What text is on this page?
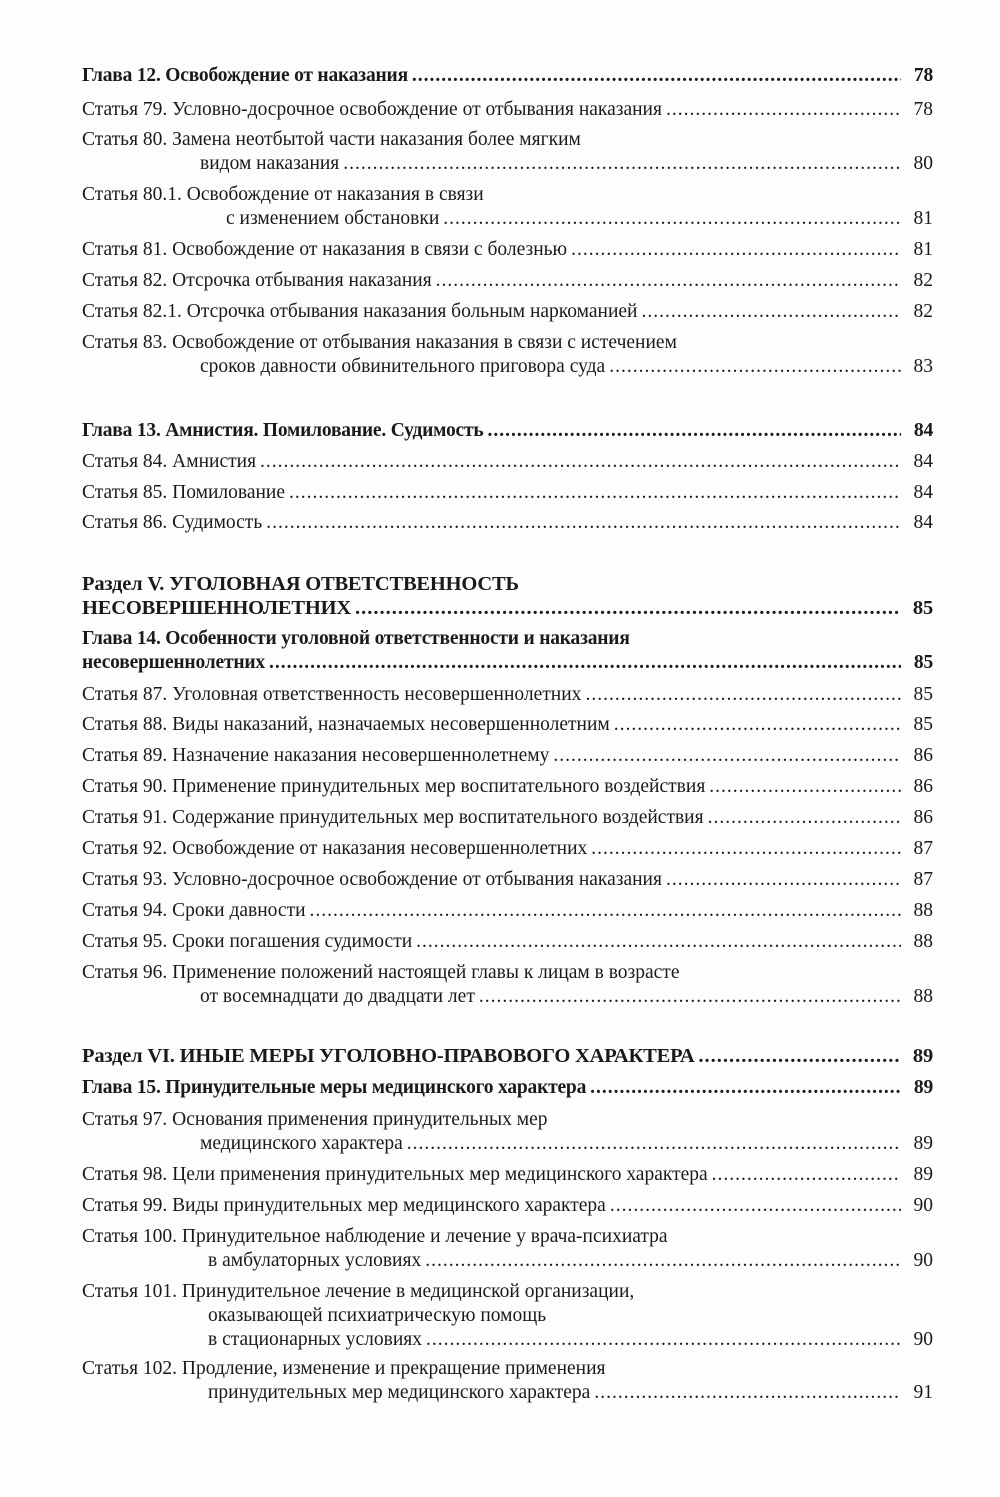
Глава 12. Освобождение от наказания .....	78
Статья 79. Условно-досрочное освобождение от отбывания наказания .....	78
Статья 80. Замена неотбытой части наказания более мягким
видом наказания .....	80
Статья 80.1. Освобождение от наказания в связи
с изменением обстановки .....	81
Статья 81. Освобождение от наказания в связи с болезнью .....	81
Статья 82. Отсрочка отбывания наказания .....	82
Статья 82.1. Отсрочка отбывания наказания больным наркоманией .....	82
Статья 83. Освобождение от отбывания наказания в связи с истечением
сроков давности обвинительного приговора суда .....	83
Глава 13. Амнистия. Помилование. Судимость .....	84
Статья 84. Амнистия .....	84
Статья 85. Помилование .....	84
Статья 86. Судимость .....	84
Раздел V. УГОЛОВНАЯ ОТВЕТСТВЕННОСТЬ
НЕСОВЕРШЕННОЛЕТНИХ .....	85
Глава 14. Особенности уголовной ответственности и наказания
несовершеннолетних .....	85
Статья 87. Уголовная ответственность несовершеннолетних .....	85
Статья 88. Виды наказаний, назначаемых несовершеннолетним .....	85
Статья 89. Назначение наказания несовершеннолетнему .....	86
Статья 90. Применение принудительных мер воспитательного воздействия .....	86
Статья 91. Содержание принудительных мер воспитательного воздействия .....	86
Статья 92. Освобождение от наказания несовершеннолетних .....	87
Статья 93. Условно-досрочное освобождение от отбывания наказания .....	87
Статья 94. Сроки давности .....	88
Статья 95. Сроки погашения судимости .....	88
Статья 96. Применение положений настоящей главы к лицам в возрасте
от восемнадцати до двадцати лет .....	88
Раздел VI. ИНЫЕ МЕРЫ УГОЛОВНО-ПРАВОВОГО ХАРАКТЕРА .....	89
Глава 15. Принудительные меры медицинского характера .....	89
Статья 97. Основания применения принудительных мер
медицинского характера .....	89
Статья 98. Цели применения принудительных мер медицинского характера .....	89
Статья 99. Виды принудительных мер медицинского характера .....	90
Статья 100. Принудительное наблюдение и лечение у врача-психиатра
в амбулаторных условиях .....	90
Статья 101. Принудительное лечение в медицинской организации,
оказывающей психиатрическую помощь
в стационарных условиях .....	90
Статья 102. Продление, изменение и прекращение применения
принудительных мер медицинского характера .....	91
